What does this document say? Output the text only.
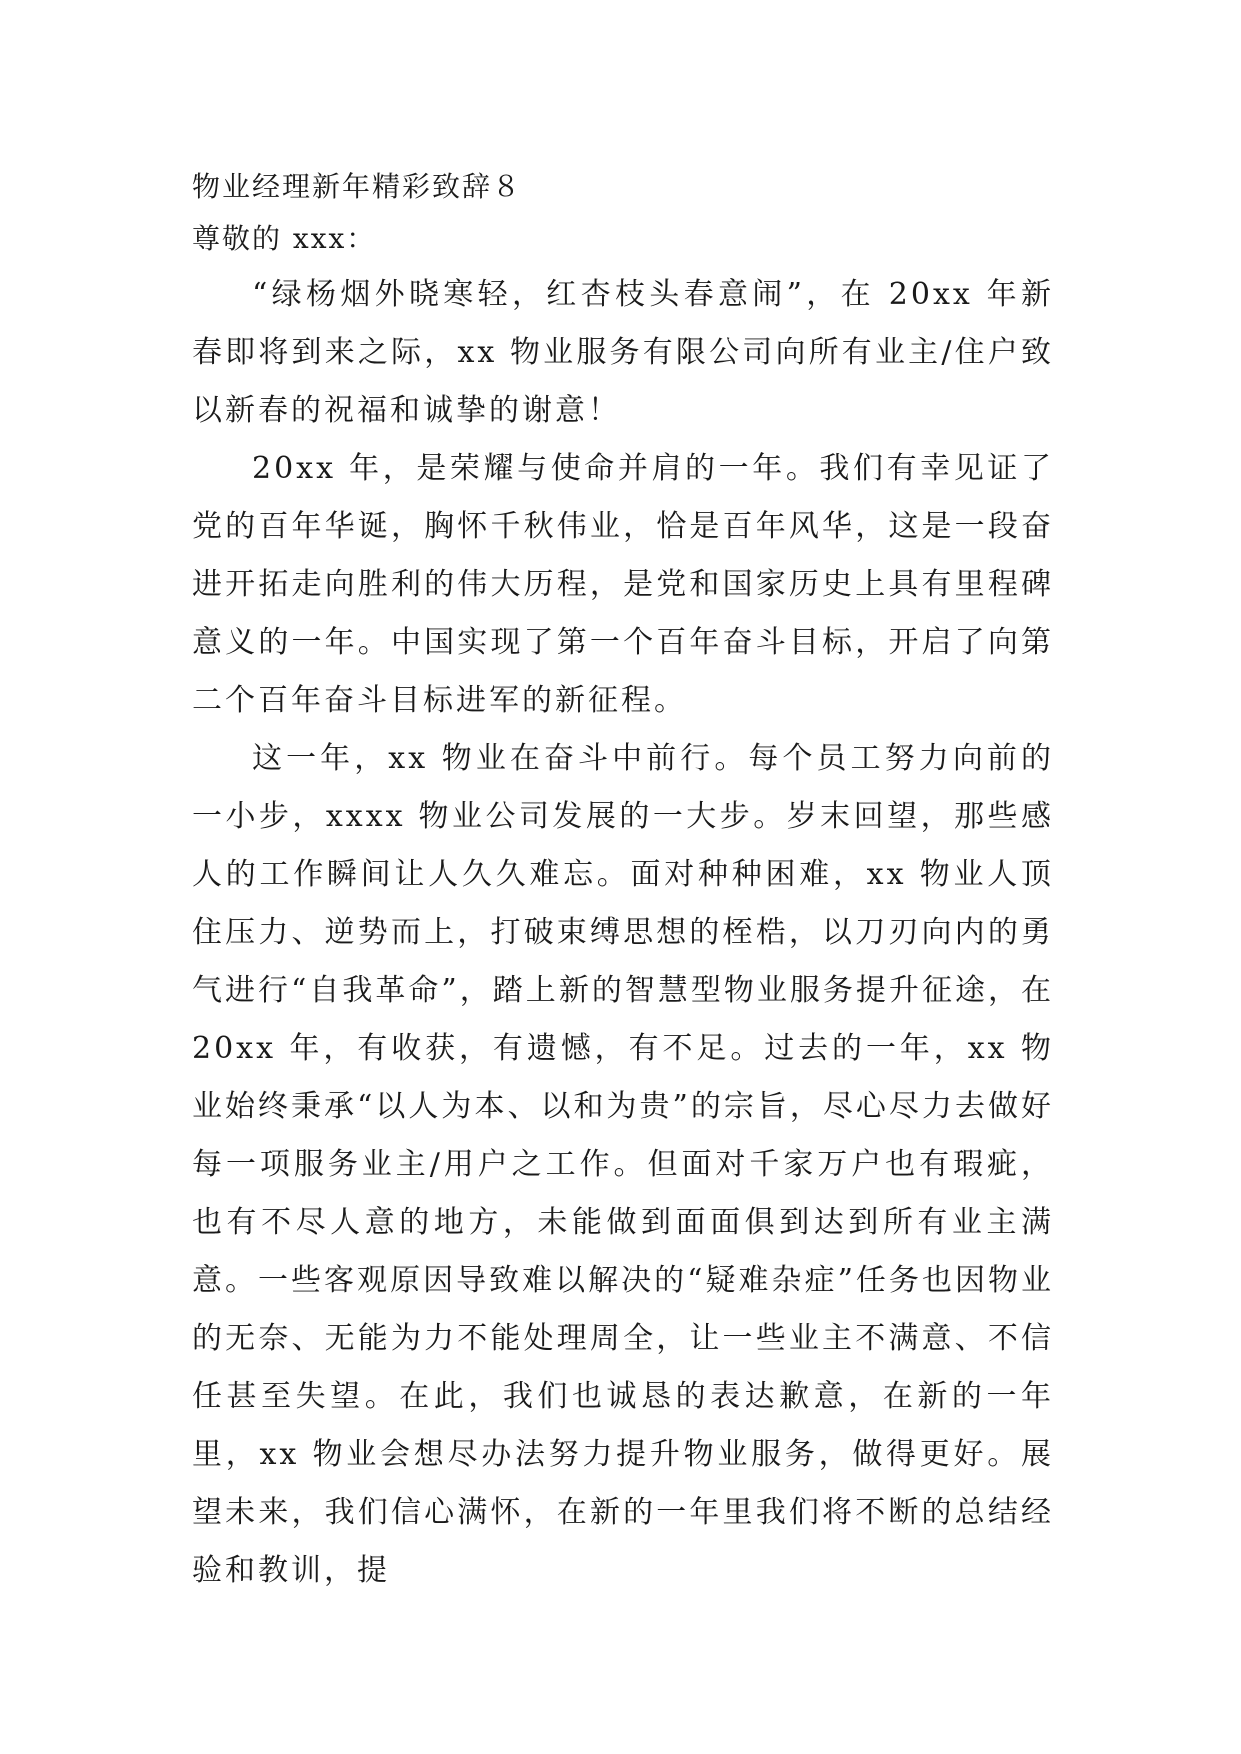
物业经理新年精彩致辞８
尊敬的 xxx：

“绿杨烟外晓寒轻，红杏枝头春意闹”，在 20xx 年新春即将到来之际，xx 物业服务有限公司向所有业主/住户致以新春的祝福和诚挚的谢意！

20xx 年，是荣耀与使命并肩的一年。我们有幸见证了党的百年华诞，胸怀千秋伟业，恰是百年风华，这是一段奋进开拓走向胜利的伟大历程，是党和国家历史上具有里程碑意义的一年。中国实现了第一个百年奋斗目标，开启了向第二个百年奋斗目标进军的新征程。

这一年，xx 物业在奋斗中前行。每个员工努力向前的一小步，xxxx 物业公司发展的一大步。岁末回望，那些感人的工作瞬间让人久久难忘。面对种种困难，xx 物业人顶住压力、逆势而上，打破束缚思想的桎梏，以刀刃向内的勇气进行“自我革命”，踏上新的智慧型物业服务提升征途，在 20xx 年，有收获，有遗憾，有不足。过去的一年，xx 物业始终秉承“以人为本、以和为贵”的宗旨，尽心尽力去做好每一项服务业主/用户之工作。但面对千家万户也有瑕疵，也有不尽人意的地方，未能做到面面俱到达到所有业主满意。一些客观原因导致难以解决的“疑难杂症”任务也因物业的无奈、无能为力不能处理周全，让一些业主不满意、不信任甚至失望。在此，我们也诚恳的表达歉意，在新的一年里，xx 物业会想尽办法努力提升物业服务，做得更好。展望未来，我们信心满怀，在新的一年里我们将不断的总结经验和教训，提
